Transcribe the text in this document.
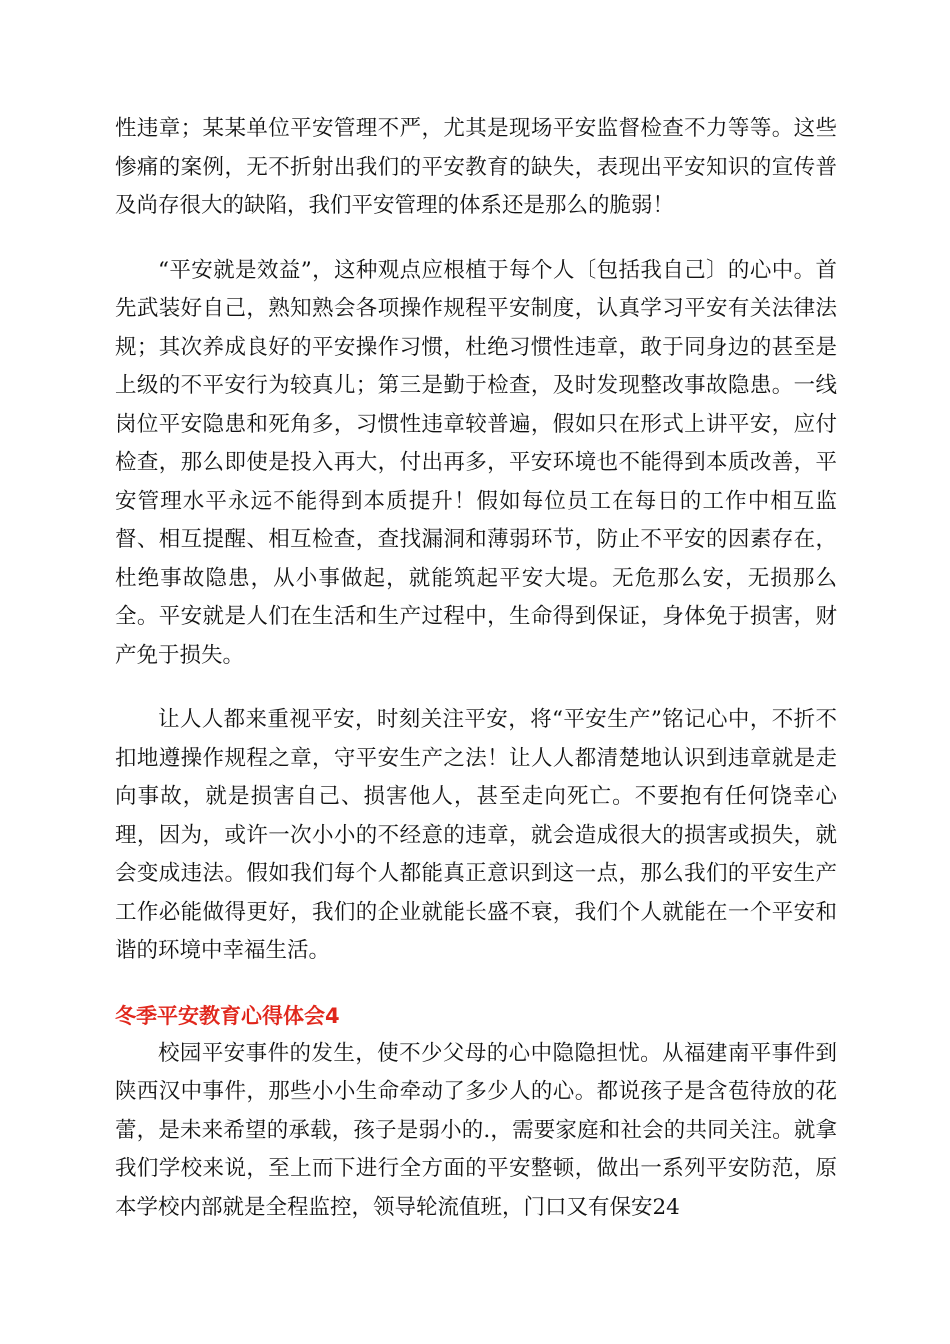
性违章；某某单位平安管理不严，尤其是现场平安监督检查不力等等。这些惨痛的案例，无不折射出我们的平安教育的缺失，表现出平安知识的宣传普及尚存很大的缺陷，我们平安管理的体系还是那么的脆弱！

“平安就是效益”，这种观点应根植于每个人〔包括我自己〕的心中。首先武装好自己，熟知熟会各项操作规程平安制度，认真学习平安有关法律法规；其次养成良好的平安操作习惯，杜绝习惯性违章，敢于同身边的甚至是上级的不平安行为较真儿；第三是勤于检查，及时发现整改事故隐患。一线岗位平安隐患和死角多，习惯性违章较普遍，假如只在形式上讲平安，应付检查，那么即使是投入再大，付出再多，平安环境也不能得到本质改善，平安管理水平永远不能得到本质提升！假如每位员工在每日的工作中相互监督、相互提醒、相互检查，查找漏洞和薄弱环节，防止不平安的因素存在，杜绝事故隐患，从小事做起，就能筑起平安大堤。无危那么安，无损那么全。平安就是人们在生活和生产过程中，生命得到保证，身体免于损害，财产免于损失。

让人人都来重视平安，时刻关注平安，将“平安生产”铭记心中，不折不扣地遵操作规程之章，守平安生产之法！让人人都清楚地认识到违章就是走向事故，就是损害自己、损害他人，甚至走向死亡。不要抱有任何饶幸心理，因为，或许一次小小的不经意的违章，就会造成很大的损害或损失，就会变成违法。假如我们每个人都能真正意识到这一点，那么我们的平安生产工作必能做得更好，我们的企业就能长盛不衰，我们个人就能在一个平安和谐的环境中幸福生活。

冬季平安教育心得体会4

校园平安事件的发生，使不少父母的心中隐隐担忧。从福建南平事件到陕西汉中事件，那些小小生命牵动了多少人的心。都说孩子是含苞待放的花蕾，是未来希望的承载，孩子是弱小的.，需要家庭和社会的共同关注。就拿我们学校来说，至上而下进行全方面的平安整顿，做出一系列平安防范，原本学校内部就是全程监控，领导轮流值班，门口又有保安24
